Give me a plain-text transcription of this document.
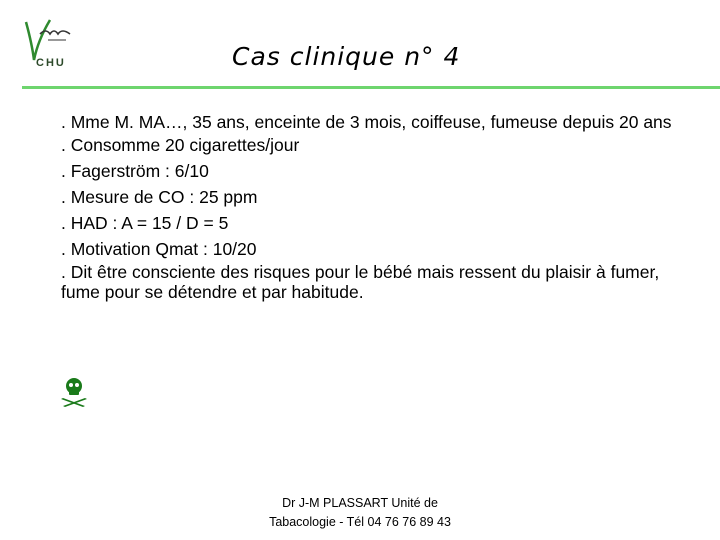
CHU	Cas clinique n° 4
. Mme M. MA…, 35 ans, enceinte de 3 mois, coiffeuse, fumeuse depuis 20 ans
. Consomme 20 cigarettes/jour
. Fagerström : 6/10
. Mesure de CO : 25 ppm
. HAD : A = 15 / D = 5
. Motivation Qmat : 10/20
. Dit être consciente des risques pour le bébé mais ressent du plaisir à fumer, fume pour se détendre et par habitude.
Dr J-M PLASSART Unité de
Tabacologie - Tél 04 76 76 89 43
